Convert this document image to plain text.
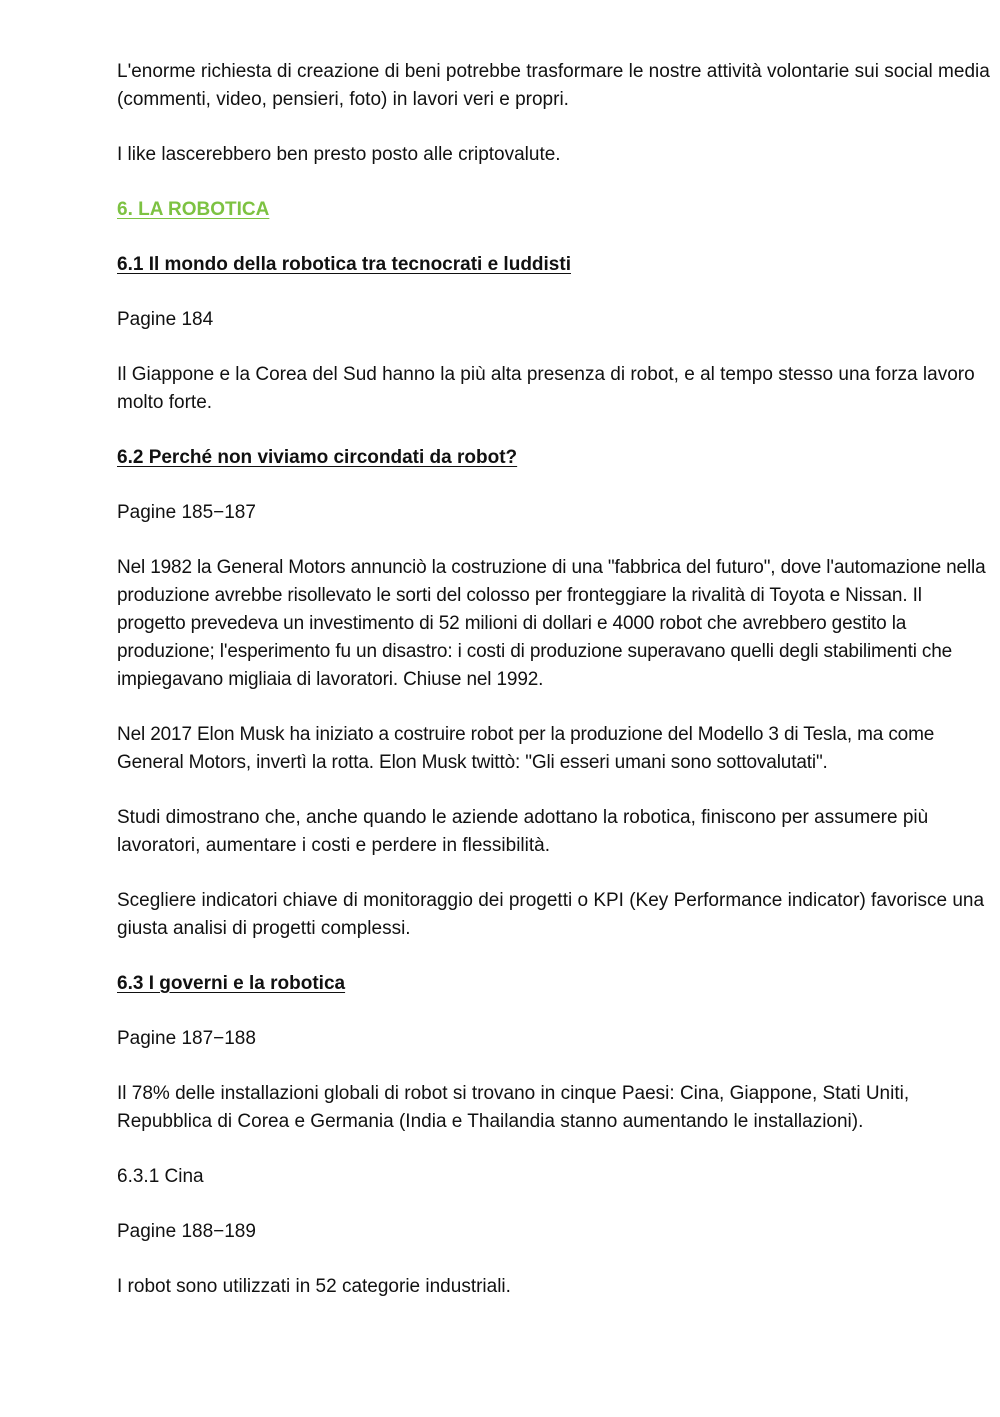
L'enorme richiesta di creazione di beni potrebbe trasformare le nostre attività volontarie sui social media (commenti, video, pensieri, foto) in lavori veri e propri.

I like lascerebbero ben presto posto alle criptovalute.

6. LA ROBOTICA

6.1 Il mondo della robotica tra tecnocrati e luddisti

Pagine 184

Il Giappone e la Corea del Sud hanno la più alta presenza di robot, e al tempo stesso una forza lavoro molto forte.

6.2 Perché non viviamo circondati da robot?

Pagine 185−187

Nel 1982 la General Motors annunciò la costruzione di una "fabbrica del futuro", dove l'automazione nella produzione avrebbe risollevato le sorti del colosso per fronteggiare la rivalità di Toyota e Nissan. Il progetto prevedeva un investimento di 52 milioni di dollari e 4000 robot che avrebbero gestito la produzione; l'esperimento fu un disastro: i costi di produzione superavano quelli degli stabilimenti che impiegavano migliaia di lavoratori. Chiuse nel 1992.

Nel 2017 Elon Musk ha iniziato a costruire robot per la produzione del Modello 3 di Tesla, ma come General Motors, invertì la rotta. Elon Musk twittò: "Gli esseri umani sono sottovalutati".

Studi dimostrano che, anche quando le aziende adottano la robotica, finiscono per assumere più lavoratori, aumentare i costi e perdere in flessibilità.

Scegliere indicatori chiave di monitoraggio dei progetti o KPI (Key Performance indicator) favorisce una giusta analisi di progetti complessi.

6.3 I governi e la robotica

Pagine 187−188

Il 78% delle installazioni globali di robot si trovano in cinque Paesi: Cina, Giappone, Stati Uniti, Repubblica di Corea e Germania (India e Thailandia stanno aumentando le installazioni).

6.3.1 Cina

Pagine 188−189

I robot sono utilizzati in 52 categorie industriali.
